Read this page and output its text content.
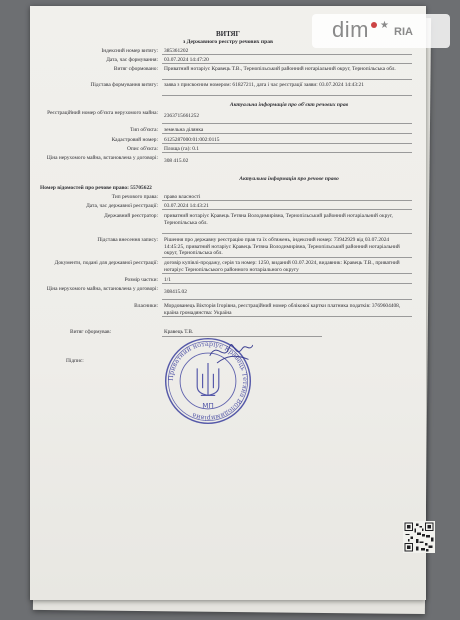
ВИТЯГ
з Державного реєстру речових прав
Індексний номер витягу: 385361202
Дата, час формування: 03.07.2024 14:47:20
Витяг сформовано: Приватний нотаріус Кравець Т.В., Тернопільський районний нотаріальний округ, Тернопільська обл.
Підстава формування витягу: заява з присвоєним номером: 61827211, дата і час реєстрації заяви: 03.07.2024 14:43:21
Актуальна інформація про об'єкт речових прав
Реєстраційний номер об'єкта нерухомого майна: 2363715661252
Тип об'єкта: земельна ділянка
Кадастровий номер: 6125287000:01:002:0115
Опис об'єкта: Площа (га): 0.1
Ціна нерухомого майна, встановлена у договорі: 308 415.02
Актуальна інформація про речове право
Номер відомостей про речове право: 55705622
Тип речового права: право власності
Дата, час державної реєстрації: 03.07.2024 14:43:21
Державний реєстратор: приватний нотаріус Кравець Тетяна Володимирівна, Тернопільський районний нотаріальний округ, Тернопільська обл.
Підстава внесення запису: Рішення про державну реєстрацію прав та їх обтяжень, індексний номер: 73942929 від 03.07.2024 14:45:25, приватний нотаріус Кравець Тетяна Володимирівна, Тернопільський районний нотаріальний округ, Тернопільська обл.
Документи, подані для державної реєстрації: договір купівлі-продажу, серія та номер: 1250, виданий 03.07.2024, видавник: Кравець Т.В., приватний нотаріус Тернопільського районного нотаріального округу
Розмір частки: 1/1
Ціна нерухомого майна, встановлена у договорі: 308415.02
Власники: Мордованець Вікторія Ігорівна, реєстраційний номер облікової картки платника податків: 3769604408, країна громадянства: Україна
Витяг сформував:	Кравець Т.В.
Підпис:
Приватний нотаріус Кравець Тетяна Володимирівна
МП
dim ★
RIA
